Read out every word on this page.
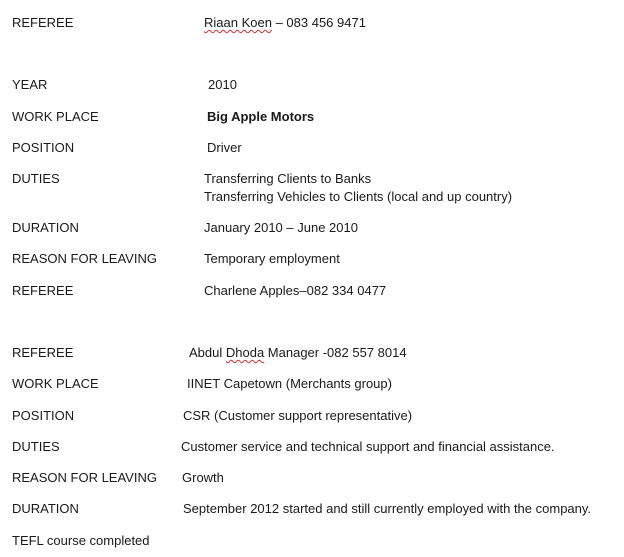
REFEREE	Riaan Koen – 083 456 9471
YEAR	2010
WORK PLACE	Big Apple Motors
POSITION	Driver
DUTIES	Transferring Clients to Banks
Transferring Vehicles to Clients (local and up country)
DURATION	January 2010 – June 2010
REASON FOR LEAVING	Temporary employment
REFEREE	Charlene Apples–082 334 0477
REFEREE	Abdul Dhoda Manager -082 557 8014
WORK PLACE	IINET Capetown (Merchants group)
POSITION	CSR (Customer support representative)
DUTIES	Customer service and technical support and financial assistance.
REASON FOR LEAVING Growth
DURATION	September 2012 started and still currently employed with the company.
TEFL course completed
